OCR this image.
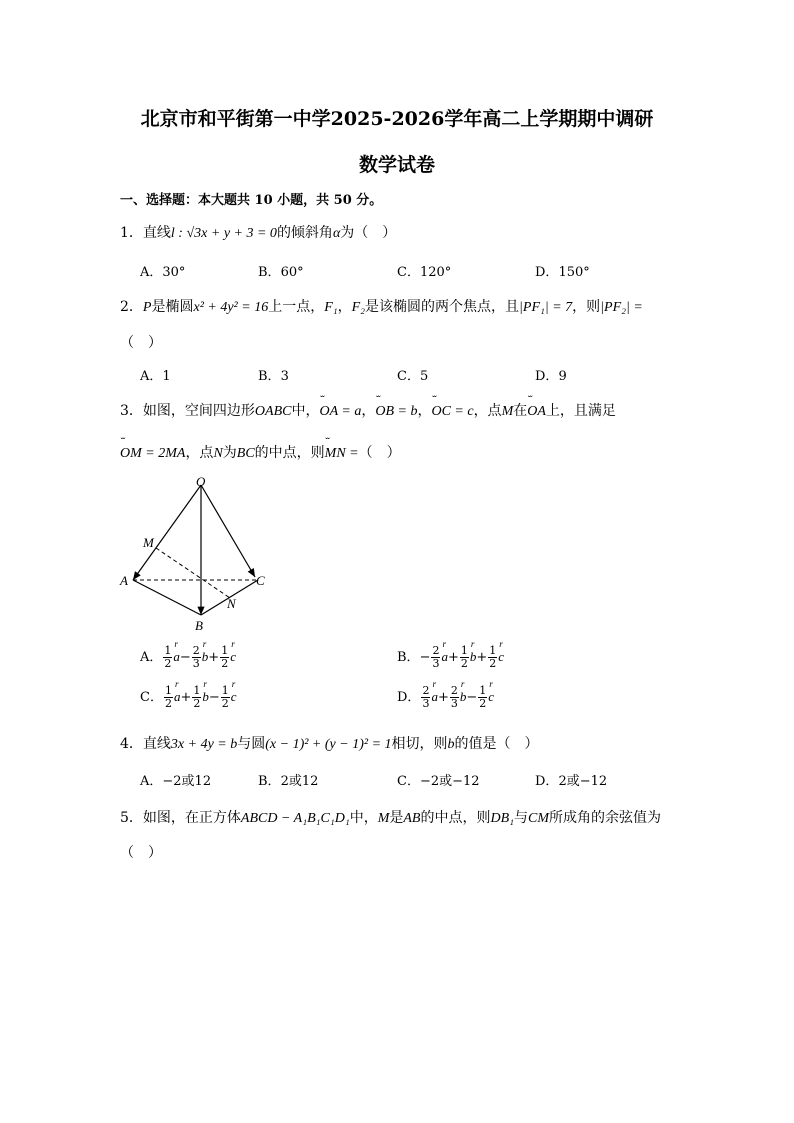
北京市和平街第一中学2025-2026学年高二上学期期中调研
数学试卷
一、选择题：本大题共 10 小题，共 50 分。
1．直线l : √3x + y + 3 = 0的倾斜角α为（　）
A．30°	B．60°	C．120°	D．150°
2．P是椭圆x² + 4y² = 16上一点，F₁，F₂是该椭圆的两个焦点，且|PF₁| = 7，则|PF₂| =
（　）
A．1	B．3	C．5	D．9
3．如图，空间四边形OABC中，ˇˇ OA = a，ˇˇ OB = b，ˇˇ OC = c，点M在ˇˇ OA上，且满足
ˇˇ OM = 2MA，点N为BC的中点，则ˇˇ MN =（　）
O
M
A
B
C
N
A． $\frac{1}{2}$ r $a- \frac{2}{3}$ r $b+ \frac{1}{2}$ r c	B．− $\frac{2}{3}$ r $a+ \frac{1}{2}$ r $b+ \frac{1}{2}$ r c
C． $\frac{1}{2}$ r $a+ \frac{1}{2}$ r $b- \frac{1}{2}$ r c	D． $\frac{2}{3}$ r $a+ \frac{2}{3}$ r $b- \frac{1}{2}$ r c
4．直线3x + 4y = b与圆(x − 1)² + (y − 1)² = 1相切，则b的值是（　）
A．−2或12	B．2或12	C．−2或−12	D．2或−12
5．如图，在正方体ABCD − A₁B₁C₁D₁中，M是AB的中点，则DB₁与CM所成角的余弦值为
（　）
